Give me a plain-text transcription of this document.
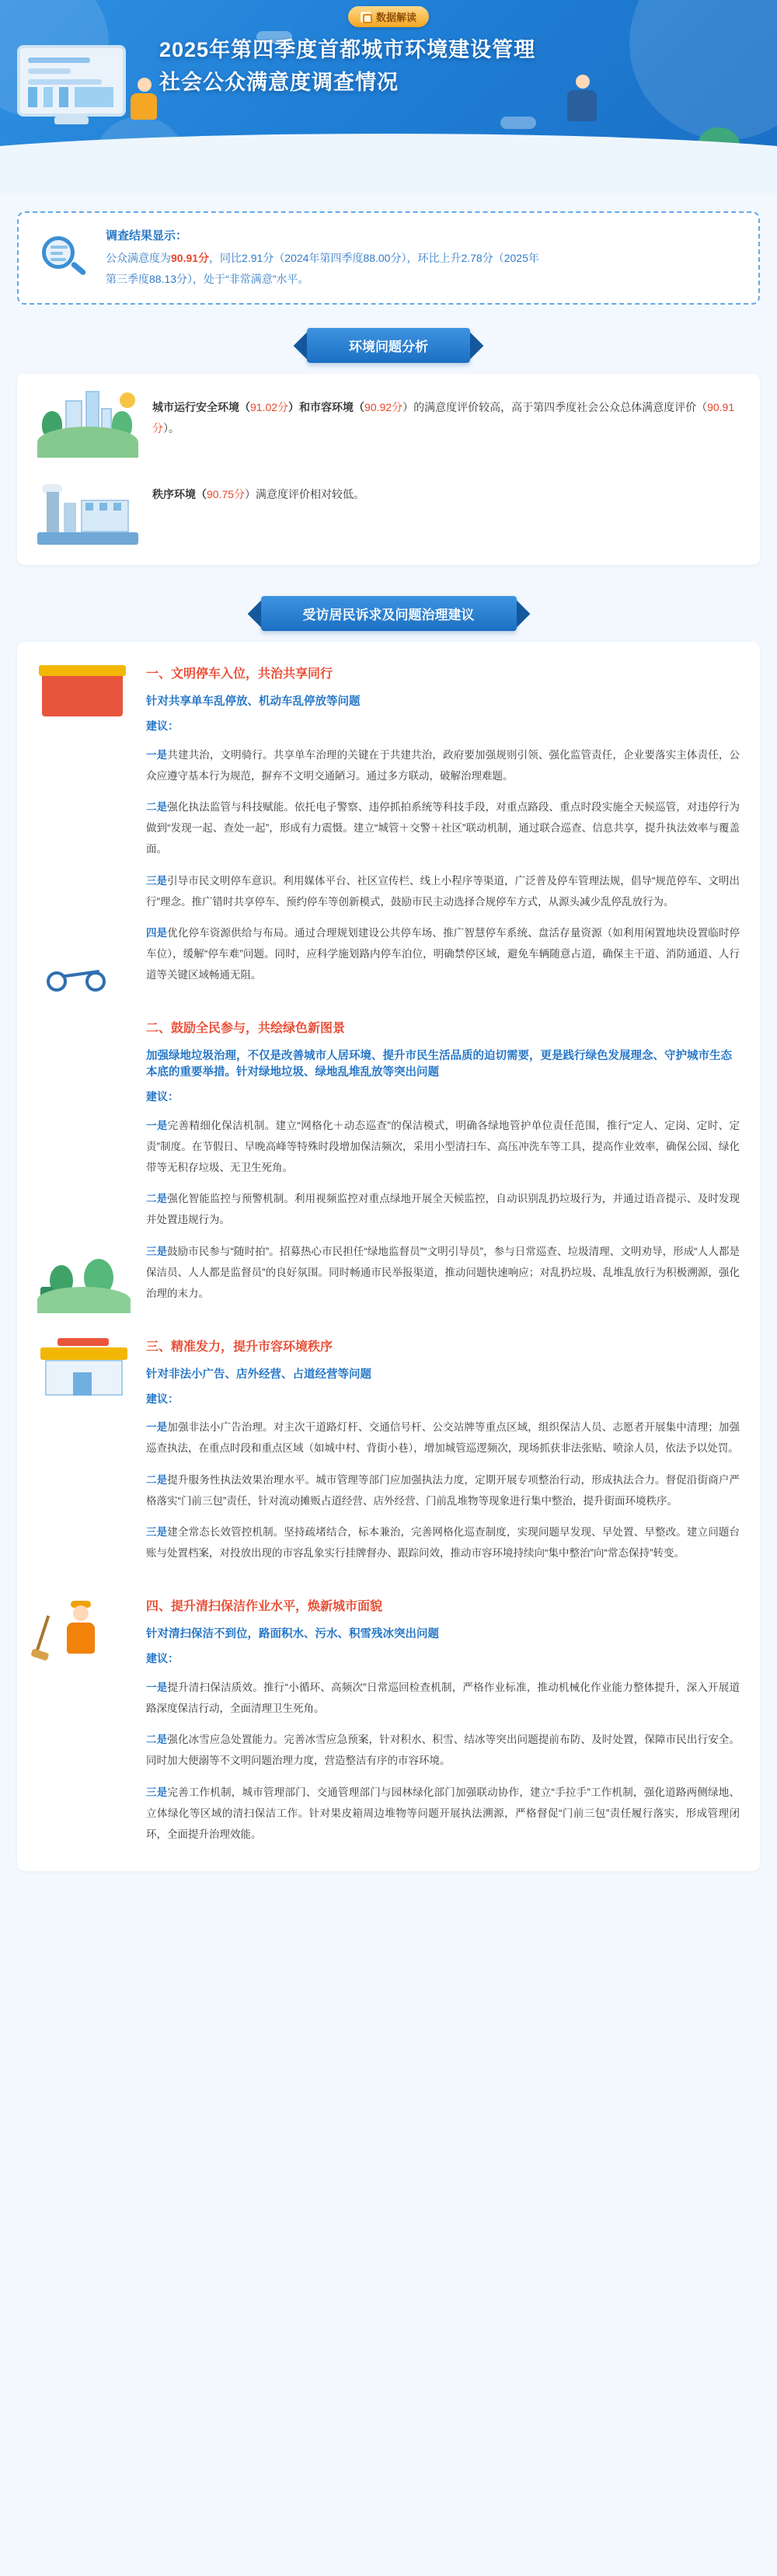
数据解读
2025年第四季度首都城市环境建设管理
社会公众满意度调查情况
调查结果显示：
公众满意度为90.91分，同比2.91分（2024年第四季度88.00分），环比上升2.78分（2025年
第三季度88.13分），处于“非常满意”水平。
环境问题分析
城市运行安全环境（91.02分）和市容环境（90.92分）的满意度评价较高，高于第四季度社会公众总体满意度评价（90.91分）。
秩序环境（90.75分）满意度评价相对较低。
受访居民诉求及问题治理建议
一、文明停车入位，共治共享同行
针对共享单车乱停放、机动车乱停放等问题
建议：

一是共建共治，文明骑行。共享单车治理的关键在于共建共治，政府要加强规则引领、强化监管责任，企业要落实主体责任，公众应遵守基本行为规范，摒弃不文明交通陋习。通过多方联动，破解治理难题。

二是强化执法监管与科技赋能。依托电子警察、违停抓拍系统等科技手段，对重点路段、重点时段实施全天候巡管，对违停行为做到“发现一起、查处一起”，形成有力震慑。建立“城管＋交警＋社区”联动机制，通过联合巡查、信息共享，提升执法效率与覆盖面。

三是引导市民文明停车意识。利用媒体平台、社区宣传栏、线上小程序等渠道，广泛普及停车管理法规，倡导“规范停车、文明出行”理念。推广错时共享停车、预约停车等创新模式，鼓励市民主动选择合规停车方式，从源头减少乱停乱放行为。

四是优化停车资源供给与布局。通过合理规划建设公共停车场、推广智慧停车系统、盘活存量资源（如利用闲置地块设置临时停车位），缓解“停车难”问题。同时，应科学施划路内停车泊位，明确禁停区域，避免车辆随意占道，确保主干道、消防通道、人行道等关键区域畅通无阻。

二、鼓励全民参与，共绘绿色新图景
加强绿地垃圾治理，不仅是改善城市人居环境、提升市民生活品质的迫切需要，更是践行绿色发展理念、守护城市生态本底的重要举措。针对绿地垃圾、绿地乱堆乱放等突出问题
建议：

一是完善精细化保洁机制。建立“网格化＋动态巡查”的保洁模式，明确各绿地管护单位责任范围，推行“定人、定岗、定时、定责”制度。在节假日、早晚高峰等特殊时段增加保洁频次，采用小型清扫车、高压冲洗车等工具，提高作业效率，确保公园、绿化带等无积存垃圾、无卫生死角。

二是强化智能监控与预警机制。利用视频监控对重点绿地开展全天候监控，自动识别乱扔垃圾行为，并通过语音提示、及时发现并处置违规行为。

三是鼓励市民参与“随时拍”。招募热心市民担任“绿地监督员”“文明引导员”，参与日常巡查、垃圾清理、文明劝导，形成“人人都是保洁员、人人都是监督员”的良好氛围。同时畅通市民举报渠道，推动问题快速响应；对乱扔垃圾、乱堆乱放行为积极溯源，强化治理的末力。

三、精准发力，提升市容环境秩序
针对非法小广告、店外经营、占道经营等问题
建议：

一是加强非法小广告治理。对主次干道路灯杆、交通信号杆、公交站牌等重点区域，组织保洁人员、志愿者开展集中清理；加强巡查执法，在重点时段和重点区域（如城中村、背街小巷），增加城管巡逻频次，现场抓获非法张贴、喷涂人员，依法予以处罚。

二是提升服务性执法效果治理水平。城市管理等部门应加强执法力度，定期开展专项整治行动，形成执法合力。督促沿街商户严格落实“门前三包”责任，针对流动摊贩占道经营、店外经营、门前乱堆物等现象进行集中整治，提升街面环境秩序。

三是建全常态长效管控机制。坚持疏堵结合，标本兼治，完善网格化巡查制度，实现问题早发现、早处置、早整改。建立问题台账与处置档案，对投放出现的市容乱象实行挂牌督办、跟踪问效，推动市容环境持续向“集中整治”向“常态保持”转变。

四、提升清扫保洁作业水平，焕新城市面貌
针对清扫保洁不到位，路面积水、污水、积雪残冰突出问题
建议：

一是提升清扫保洁质效。推行“小循环、高频次”日常巡回检查机制，严格作业标准，推动机械化作业能力整体提升，深入开展道路深度保洁行动，全面清理卫生死角。

二是强化冰雪应急处置能力。完善冰雪应急预案，针对积水、积雪、结冰等突出问题提前布防、及时处置，保障市民出行安全。同时加大便溺等不文明问题治理力度，营造整洁有序的市容环境。

三是完善工作机制，城市管理部门、交通管理部门与园林绿化部门加强联动协作，建立“手拉手”工作机制，强化道路两侧绿地、立体绿化等区域的清扫保洁工作。针对果皮箱周边堆物等问题开展执法溯源，严格督促“门前三包”责任履行落实，形成管理闭环，全面提升治理效能。
